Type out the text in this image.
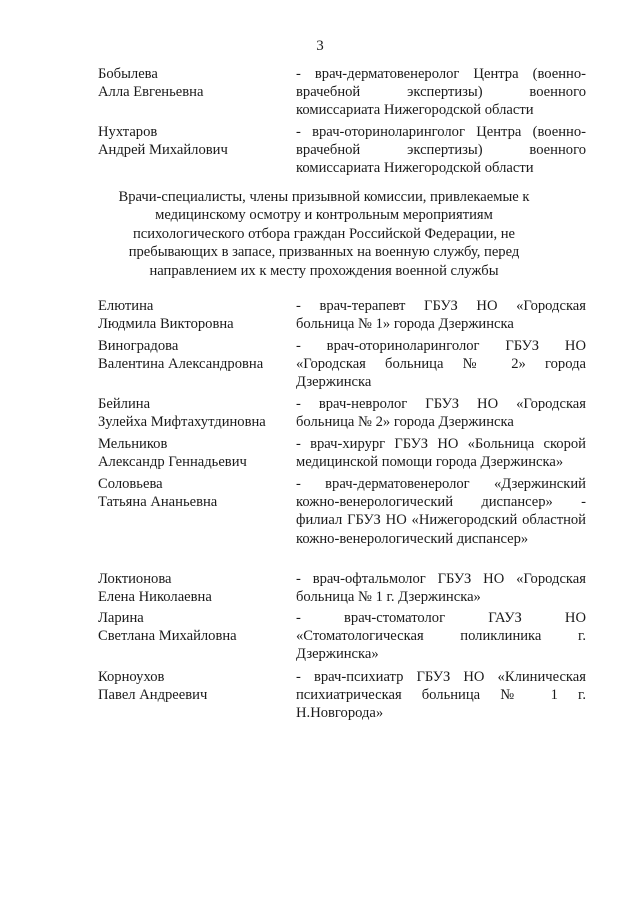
3
Бобылева
Алла Евгеньевна
- врач-дерматовенеролог Центра (военно-врачебной экспертизы) военного комиссариата Нижегородской области
Нухтаров
Андрей Михайлович
- врач-оториноларинголог Центра (военно-врачебной экспертизы) военного комиссариата Нижегородской области
Врачи-специалисты, члены призывной комиссии, привлекаемые к медицинскому осмотру и контрольным мероприятиям психологического отбора граждан Российской Федерации, не пребывающих в запасе, призванных на военную службу, перед направлением их к месту прохождения военной службы
Елютина
Людмила Викторовна
- врач-терапевт ГБУЗ НО «Городская больница № 1» города Дзержинска
Виноградова
Валентина Александровна
- врач-оториноларинголог ГБУЗ НО «Городская больница № 2» города Дзержинска
Бейлина
Зулейха Мифтахутдиновна
- врач-невролог ГБУЗ НО «Городская больница № 2» города Дзержинска
Мельников
Александр Геннадьевич
- врач-хирург ГБУЗ НО «Больница скорой медицинской помощи города Дзержинска»
Соловьева
Татьяна Ананьевна
- врач-дерматовенеролог «Дзержинский кожно-венерологический диспансер» - филиал ГБУЗ НО «Нижегородский областной кожно-венерологический диспансер»
Локтионова
Елена Николаевна
- врач-офтальмолог ГБУЗ НО «Городская больница № 1 г. Дзержинска»
Ларина
Светлана Михайловна
- врач-стоматолог ГАУЗ НО «Стоматологическая поликлиника г. Дзержинска»
Корноухов
Павел Андреевич
- врач-психиатр ГБУЗ НО «Клиническая психиатрическая больница № 1 г. Н.Новгорода»
